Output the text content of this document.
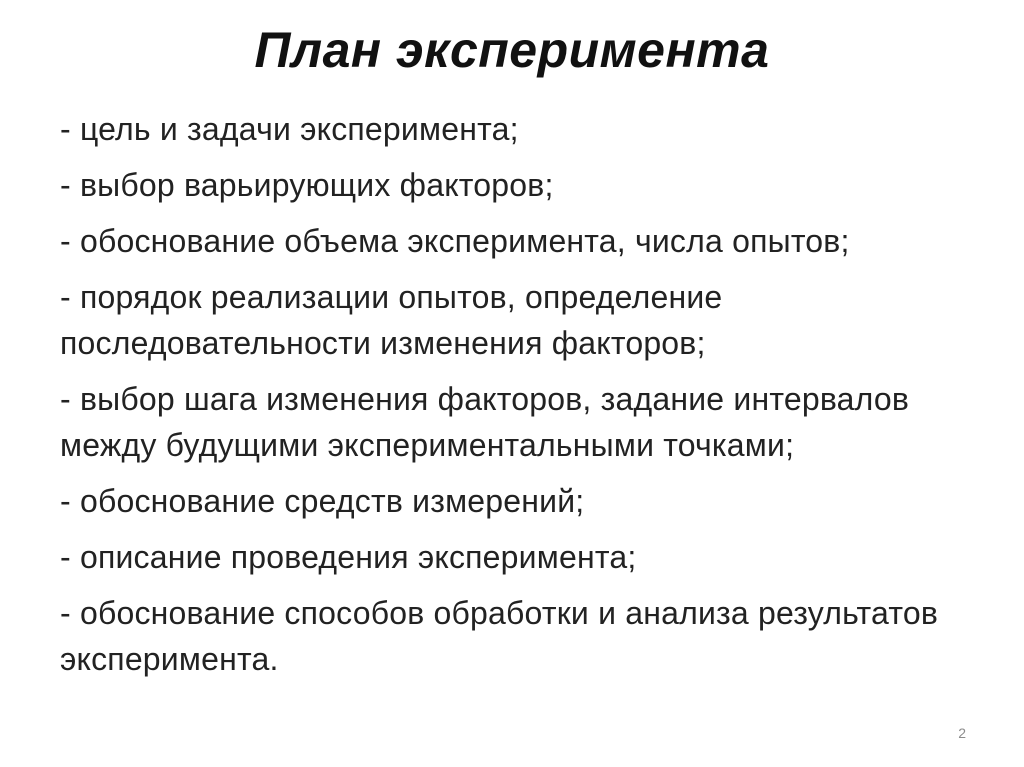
План эксперимента
- цель и задачи эксперимента;
- выбор варьирующих факторов;
- обоснование объема эксперимента, числа опытов;
- порядок реализации опытов, определение последовательности изменения факторов;
- выбор шага изменения факторов, задание интервалов между будущими экспериментальными точками;
- обоснование средств измерений;
- описание проведения эксперимента;
- обоснование способов обработки и анализа результатов эксперимента.
2
